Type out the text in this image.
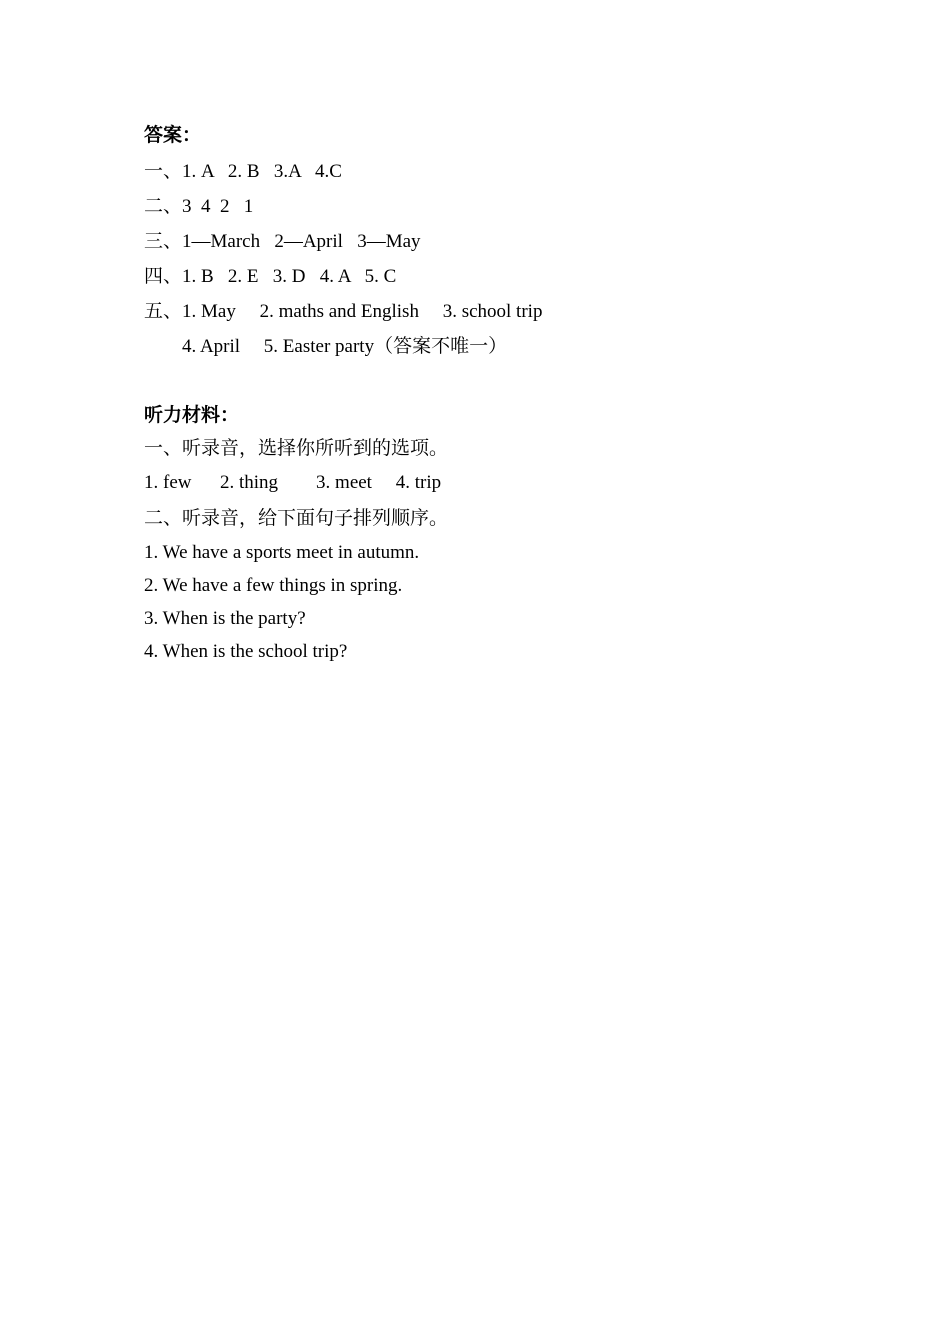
答案：
一、1. A   2. B   3.A   4.C
二、3  4  2   1
三、1—March   2—April   3—May
四、1. B   2. E   3. D   4. A   5. C
五、1. May     2. maths and English     3. school trip
4. April     5. Easter party（答案不唯一）
听力材料：
一、听录音，选择你所听到的选项。
1. few      2. thing        3. meet     4. trip
二、听录音，给下面句子排列顺序。
1. We have a sports meet in autumn.
2. We have a few things in spring.
3. When is the party?
4. When is the school trip?
